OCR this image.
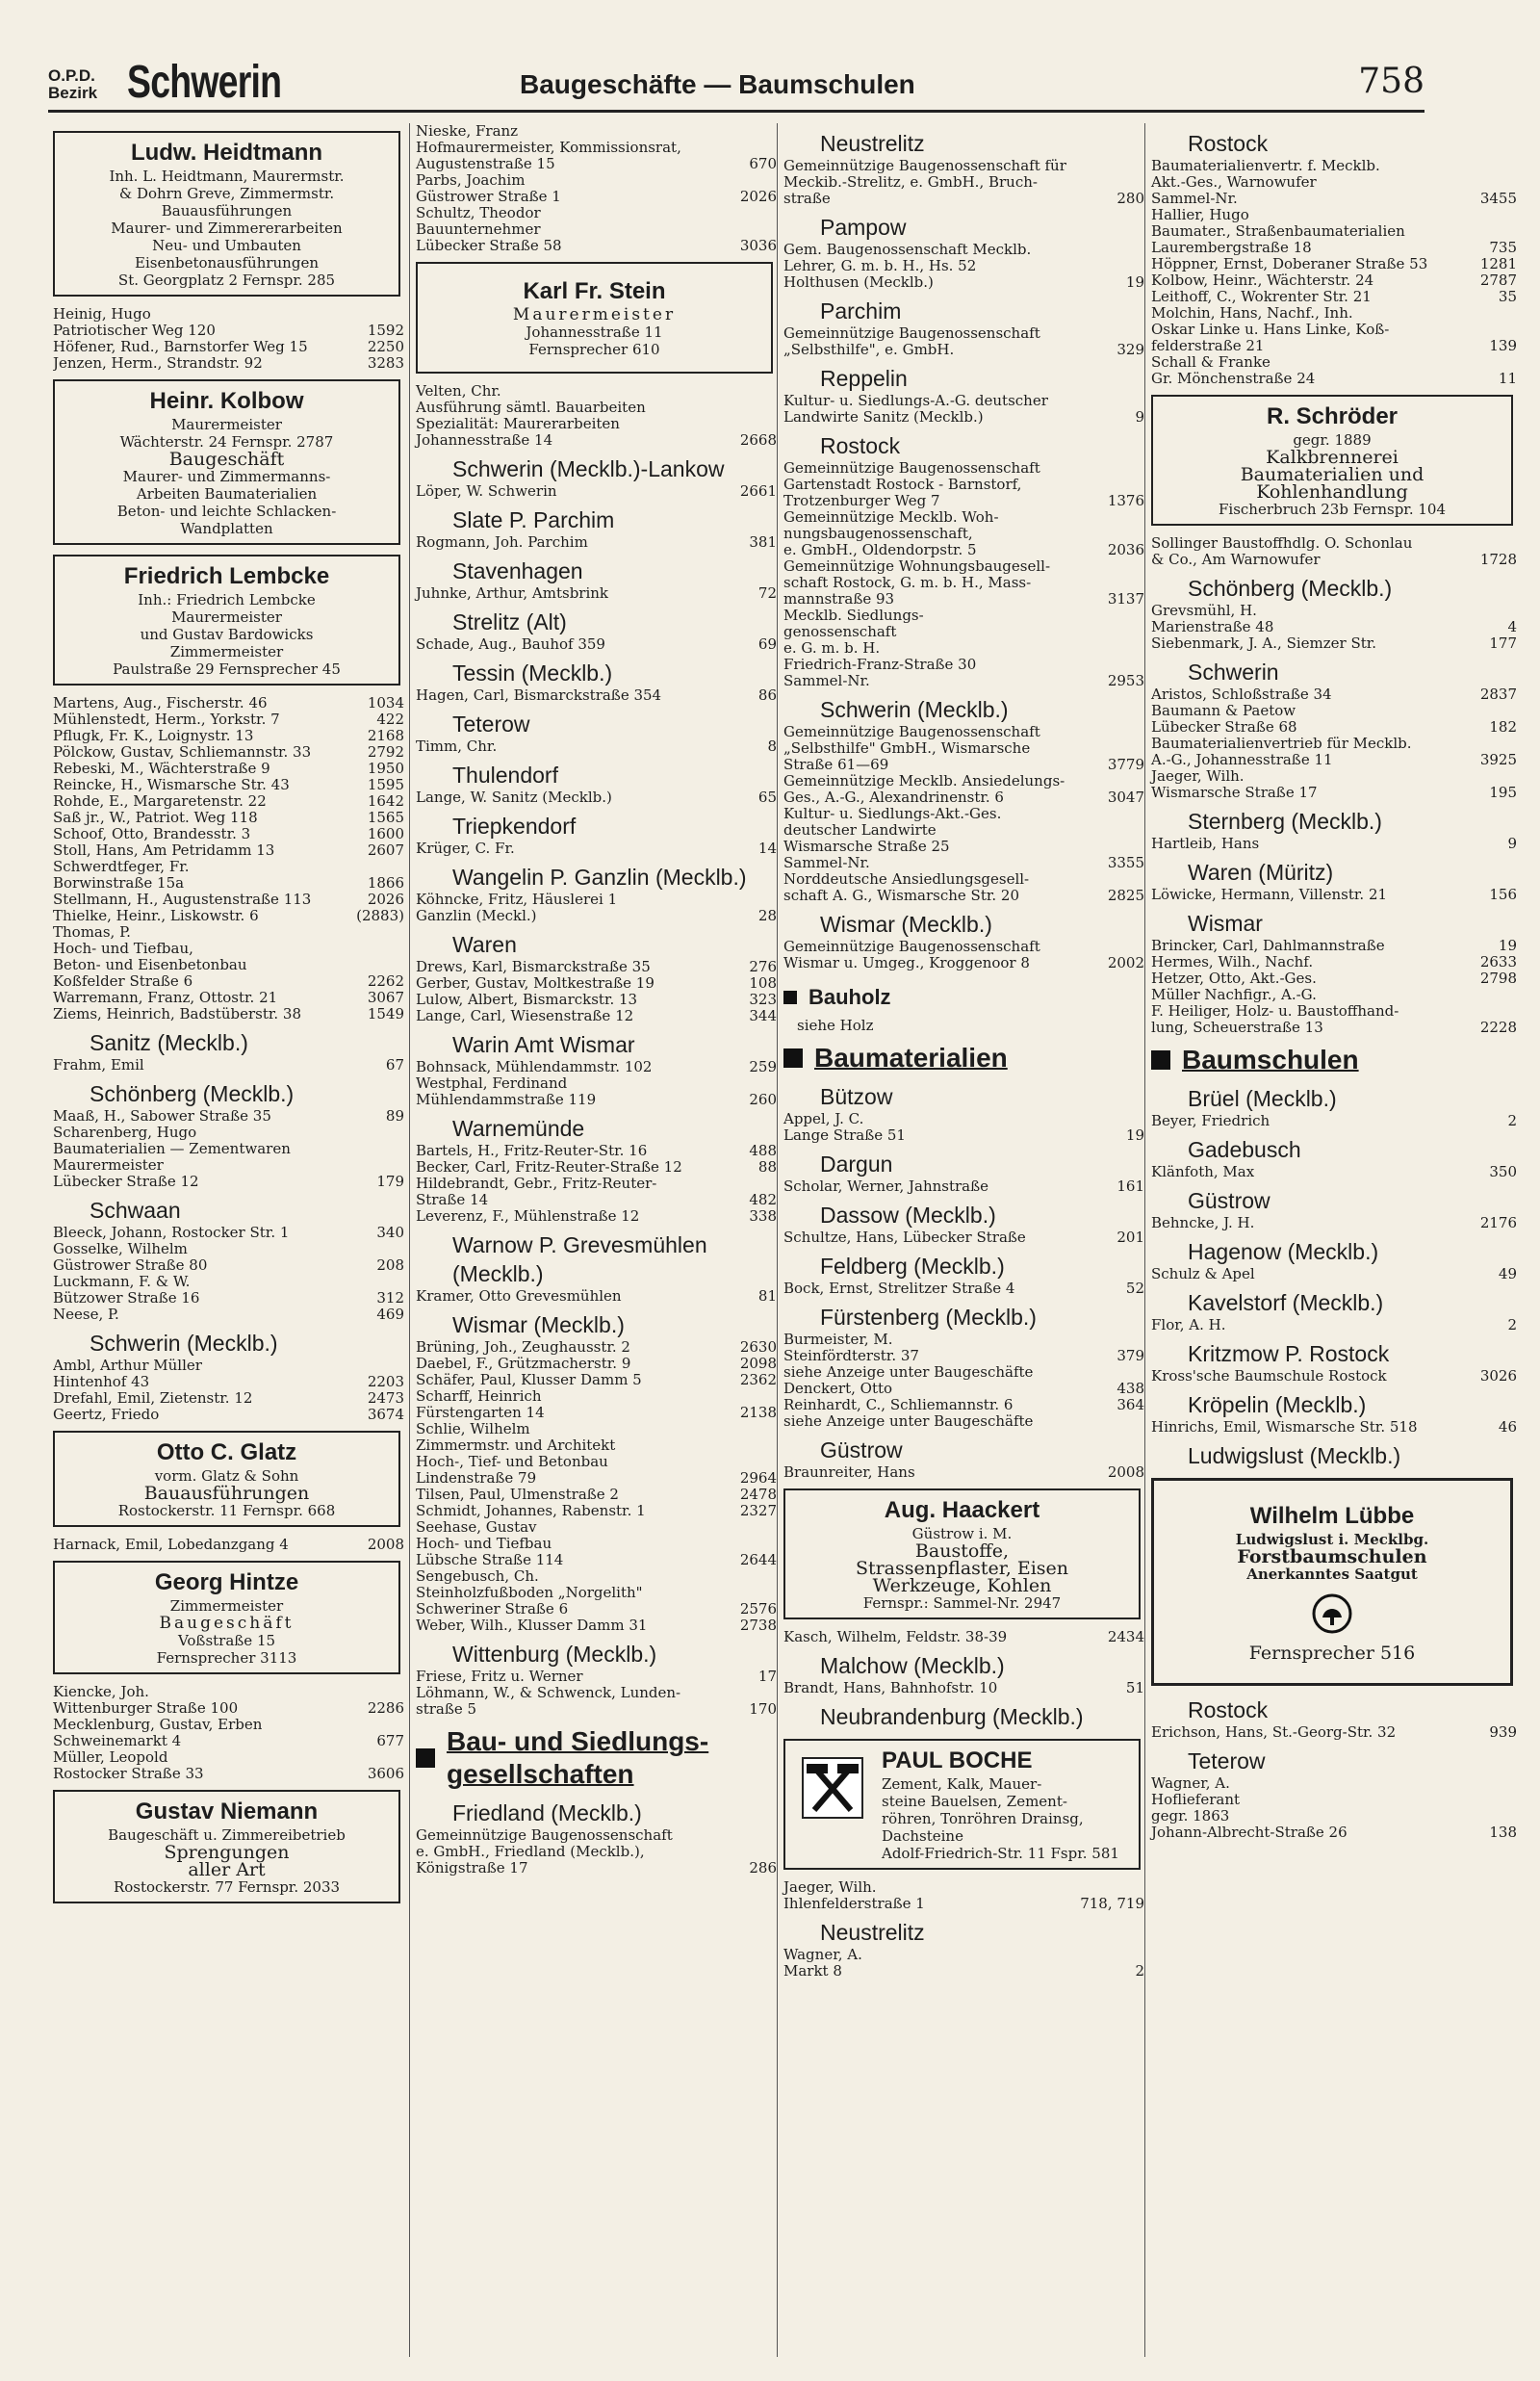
O.P.D.
Bezirk Schwerin	Baugeschäfte — Baumschulen	758
Ludw. Heidtmann
Inh. L. Heidtmann, Maurermstr.
& Dohrn Greve, Zimmermstr.
Bauausführungen
Maurer- und Zimmererarbeiten
Neu- und Umbauten
Eisenbetonausführungen
St. Georgplatz 2 Fernspr. 285
Heinig, Hugo
Patriotischer Weg 120	1592
Höfener, Rud., Barnstorfer Weg 15	2250
Jenzen, Herm., Strandstr. 92	3283
Heinr. Kolbow
Maurermeister
Wächterstr. 24 Fernspr. 2787
Baugeschäft
Maurer- und Zimmermanns-
Arbeiten Baumaterialien
Beton- und leichte Schlacken-
Wandplatten
Friedrich Lembcke
Inh.: Friedrich Lembcke
Maurermeister
und Gustav Bardowicks
Zimmermeister
Paulstraße 29 Fernsprecher 45
Martens, Aug., Fischerstr. 46	1034
Mühlenstedt, Herm., Yorkstr. 7	422
Pflugk, Fr. K., Loignystr. 13	2168
Pölckow, Gustav, Schliemannstr. 33	2792
Rebeski, M., Wächterstraße 9	1950
Reincke, H., Wismarsche Str. 43	1595
Rohde, E., Margaretenstr. 22	1642
Saß jr., W., Patriot. Weg 118	1565
Schoof, Otto, Brandesstr. 3	1600
Stoll, Hans, Am Petridamm 13	2607
Schwerdtfeger, Fr.
Borwinstraße 15a	1866
Stellmann, H., Augustenstraße 113	2026
Thielke, Heinr., Liskowstr. 6	(2883)
Thomas, P.
Hoch- und Tiefbau,
Beton- und Eisenbetonbau
Koßfelder Straße 6	2262
Warremann, Franz, Ottostr. 21	3067
Ziems, Heinrich, Badstüberstr. 38	1549
Sanitz (Mecklb.)
Frahm, Emil	67
Schönberg (Mecklb.)
Maaß, H., Sabower Straße 35	89
Scharenberg, Hugo
Baumaterialien — Zementwaren
Maurermeister
Lübecker Straße 12	179
Schwaan
Bleeck, Johann, Rostocker Str. 1	340
Gosselke, Wilhelm
Güstrower Straße 80	208
Luckmann, F. & W.
Bützower Straße 16	312
Neese, P.	469
Schwerin (Mecklb.)
Ambl, Arthur Müller
Hintenhof 43	2203
Drefahl, Emil, Zietenstr. 12	2473
Geertz, Friedo	3674
Otto C. Glatz
vorm. Glatz & Sohn
Bauausführungen
Rostockerstr. 11 Fernspr. 668
Harnack, Emil, Lobedanzgang 4	2008
Georg Hintze
Zimmermeister
Baugeschäft
Voßstraße 15
Fernsprecher 3113
Kiencke, Joh.
Wittenburger Straße 100	2286
Mecklenburg, Gustav, Erben
Schweinemarkt 4	677
Müller, Leopold
Rostocker Straße 33	3606
Gustav Niemann
Baugeschäft u. Zimmereibetrieb
Sprengungen
aller Art
Rostockerstr. 77 Fernspr. 2033
Nieske, Franz
Hofmaurermeister, Kommissionsrat,
Augustenstraße 15	670
Parbs, Joachim
Güstrower Straße 1	2026
Schultz, Theodor
Bauunternehmer
Lübecker Straße 58	3036
Karl Fr. Stein
Maurermeister
Johannesstraße 11
Fernsprecher 610
Velten, Chr.
Ausführung sämtl. Bauarbeiten
Spezialität: Maurerarbeiten
Johannesstraße 14	2668
Schwerin (Mecklb.)-Lankow
Löper, W. Schwerin	2661
Slate P. Parchim
Rogmann, Joh. Parchim	381
Stavenhagen
Juhnke, Arthur, Amtsbrink	72
Strelitz (Alt)
Schade, Aug., Bauhof 359	69
Tessin (Mecklb.)
Hagen, Carl, Bismarckstraße 354	86
Teterow
Timm, Chr.	8
Thulendorf
Lange, W. Sanitz (Mecklb.)	65
Triepkendorf
Krüger, C. Fr.	14
Wangelin P. Ganzlin (Mecklb.)
Köhncke, Fritz, Häuslerei 1
Ganzlin (Meckl.)	28
Waren
Drews, Karl, Bismarckstraße 35	276
Gerber, Gustav, Moltkestraße 19	108
Lulow, Albert, Bismarckstr. 13	323
Lange, Carl, Wiesenstraße 12	344
Warin Amt Wismar
Bohnsack, Mühlendammstr. 102	259
Westphal, Ferdinand
Mühlendammstraße 119	260
Warnemünde
Bartels, H., Fritz-Reuter-Str. 16	488
Becker, Carl, Fritz-Reuter-Straße 12	88
Hildebrandt, Gebr., Fritz-Reuter-
Straße 14	482
Leverenz, F., Mühlenstraße 12	338
Warnow P. Grevesmühlen (Mecklb.)
Kramer, Otto Grevesmühlen	81
Wismar (Mecklb.)
Brüning, Joh., Zeughausstr. 2	2630
Daebel, F., Grützmacherstr. 9	2098
Schäfer, Paul, Klusser Damm 5	2362
Scharff, Heinrich
Fürstengarten 14	2138
Schlie, Wilhelm
Zimmermstr. und Architekt
Hoch-, Tief- und Betonbau
Lindenstraße 79	2964
Tilsen, Paul, Ulmenstraße 2	2478
Schmidt, Johannes, Rabenstr. 1	2327
Seehase, Gustav
Hoch- und Tiefbau
Lübsche Straße 114	2644
Sengebusch, Ch.
Steinholzfußboden „Norgelith"
Schweriner Straße 6	2576
Weber, Wilh., Klusser Damm 31	2738
Wittenburg (Mecklb.)
Friese, Fritz u. Werner	17
Löhmann, W., & Schwenck, Lunden-
straße 5	170
Bau- und Siedlungs-gesellschaften
Friedland (Mecklb.)
Gemeinnützige Baugenossenschaft
e. GmbH., Friedland (Mecklb.),
Königstraße 17	286
Neustrelitz
Gemeinnützige Baugenossenschaft für
Meckib.-Strelitz, e. GmbH., Bruch-
straße	280
Pampow
Gem. Baugenossenschaft Mecklb.
Lehrer, G. m. b. H., Hs. 52
Holthusen (Mecklb.)	19
Parchim
Gemeinnützige Baugenossenschaft
„Selbsthilfe", e. GmbH.	329
Reppelin
Kultur- u. Siedlungs-A.-G. deutscher
Landwirte Sanitz (Mecklb.)	9
Rostock
Gemeinnützige Baugenossenschaft
Gartenstadt Rostock - Barnstorf,
Trotzenburger Weg 7	1376
Gemeinnützige Mecklb. Woh-
nungsbaugenossenschaft,
e. GmbH., Oldendorpstr. 5	2036
Gemeinnützige Wohnungsbaugesell-
schaft Rostock, G. m. b. H., Mass-
mannstraße 93	3137
Mecklb. Siedlungs-
genossenschaft
e. G. m. b. H.
Friedrich-Franz-Straße 30
Sammel-Nr.	2953
Schwerin (Mecklb.)
Gemeinnützige Baugenossenschaft
„Selbsthilfe" GmbH., Wismarsche
Straße 61—69	3779
Gemeinnützige Mecklb. Ansiedelungs-
Ges., A.-G., Alexandrinenstr. 6	3047
Kultur- u. Siedlungs-Akt.-Ges.
deutscher Landwirte
Wismarsche Straße 25
Sammel-Nr.	3355
Norddeutsche Ansiedlungsgesell-
schaft A. G., Wismarsche Str. 20	2825
Wismar (Mecklb.)
Gemeinnützige Baugenossenschaft
Wismar u. Umgeg., Kroggenoor 8	2002
Bauholz
siehe Holz
Baumaterialien
Bützow
Appel, J. C.
Lange Straße 51	19
Dargun
Scholar, Werner, Jahnstraße	161
Dassow (Mecklb.)
Schultze, Hans, Lübecker Straße	201
Feldberg (Mecklb.)
Bock, Ernst, Strelitzer Straße 4	52
Fürstenberg (Mecklb.)
Burmeister, M.
Steinfördterstr. 37	379
siehe Anzeige unter Baugeschäfte
Denckert, Otto	438
Reinhardt, C., Schliemannstr. 6	364
siehe Anzeige unter Baugeschäfte
Güstrow
Braunreiter, Hans	2008
Aug. Haackert
Güstrow i. M.
Baustoffe,
Strassenpflaster, Eisen
Werkzeuge, Kohlen
Fernspr.: Sammel-Nr. 2947
Kasch, Wilhelm, Feldstr. 38-39	2434
Malchow (Mecklb.)
Brandt, Hans, Bahnhofstr. 10	51
Neubrandenburg (Mecklb.)
PAUL BOCHE
Zement, Kalk, Mauer-
steine Bauelsen, Zement-
röhren, Tonröhren Drainsg,
Dachsteine
Adolf-Friedrich-Str. 11 Fspr. 581
Jaeger, Wilh.
Ihlenfelderstraße 1	718, 719
Neustrelitz
Wagner, A.
Markt 8	2
Rostock
Baumaterialienvertr. f. Mecklb.
Akt.-Ges., Warnowufer
Sammel-Nr.	3455
Hallier, Hugo
Baumater., Straßenbaumaterialien
Laurembergstraße 18	735
Höppner, Ernst, Doberaner Straße 53	1281
Kolbow, Heinr., Wächterstr. 24	2787
Leithoff, C., Wokrenter Str. 21	35
Molchin, Hans, Nachf., Inh.
Oskar Linke u. Hans Linke, Koß-
felderstraße 21	139
Schall & Franke
Gr. Mönchenstraße 24	11
R. Schröder
gegr. 1889
Kalkbrennerei
Baumaterialien und
Kohlenhandlung
Fischerbruch 23b Fernspr. 104
Sollinger Baustoffhdlg. O. Schonlau
& Co., Am Warnowufer	1728
Schönberg (Mecklb.)
Grevsmühl, H.
Marienstraße 48	4
Siebenmark, J. A., Siemzer Str.	177
Schwerin
Aristos, Schloßstraße 34	2837
Baumann & Paetow
Lübecker Straße 68	182
Baumaterialienvertrieb für Mecklb.
A.-G., Johannesstraße 11	3925
Jaeger, Wilh.
Wismarsche Straße 17	195
Sternberg (Mecklb.)
Hartleib, Hans	9
Waren (Müritz)
Löwicke, Hermann, Villenstr. 21	156
Wismar
Brincker, Carl, Dahlmannstraße	19
Hermes, Wilh., Nachf.	2633
Hetzer, Otto, Akt.-Ges.	2798
Müller Nachfigr., A.-G.
F. Heiliger, Holz- u. Baustoffhand-
lung, Scheuerstraße 13	2228
Baumschulen
Brüel (Mecklb.)
Beyer, Friedrich	2
Gadebusch
Klänfoth, Max	350
Güstrow
Behncke, J. H.	2176
Hagenow (Mecklb.)
Schulz & Apel	49
Kavelstorf (Mecklb.)
Flor, A. H.	2
Kritzmow P. Rostock
Kross'sche Baumschule Rostock	3026
Kröpelin (Mecklb.)
Hinrichs, Emil, Wismarsche Str. 518	46
Ludwigslust (Mecklb.)
Wilhelm Lübbe
Ludwigslust i. Mecklbg.
Forstbaumschulen
Anerkanntes Saatgut
Fernsprecher 516
Rostock
Erichson, Hans, St.-Georg-Str. 32	939
Teterow
Wagner, A.
Hoflieferant
gegr. 1863
Johann-Albrecht-Straße 26	138
